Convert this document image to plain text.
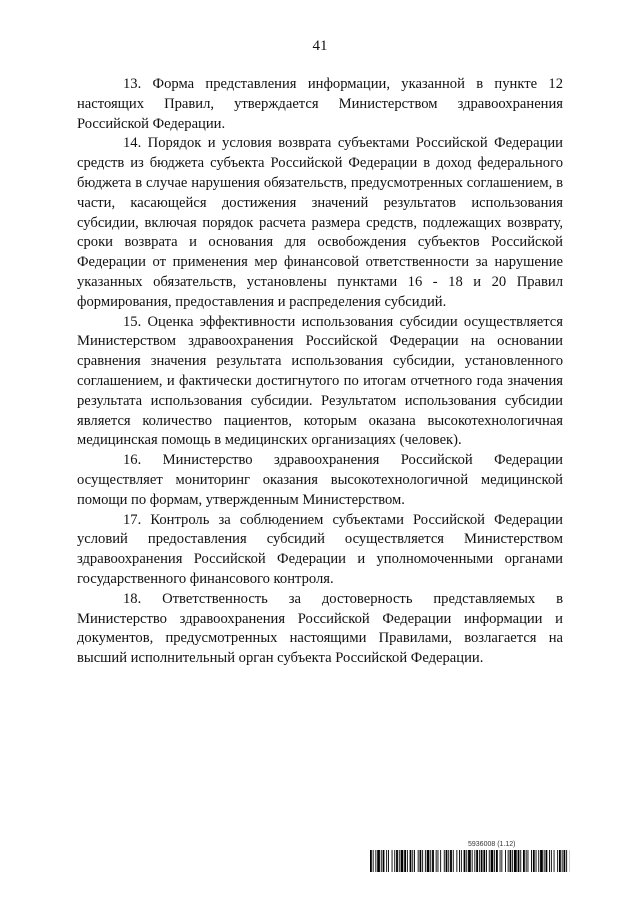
41

13. Форма представления информации, указанной в пункте 12 настоящих Правил, утверждается Министерством здравоохранения Российской Федерации.

14. Порядок и условия возврата субъектами Российской Федерации средств из бюджета субъекта Российской Федерации в доход федерального бюджета в случае нарушения обязательств, предусмотренных соглашением, в части, касающейся достижения значений результатов использования субсидии, включая порядок расчета размера средств, подлежащих возврату, сроки возврата и основания для освобождения субъектов Российской Федерации от применения мер финансовой ответственности за нарушение указанных обязательств, установлены пунктами 16 - 18 и 20 Правил формирования, предоставления и распределения субсидий.

15. Оценка эффективности использования субсидии осуществляется Министерством здравоохранения Российской Федерации на основании сравнения значения результата использования субсидии, установленного соглашением, и фактически достигнутого по итогам отчетного года значения результата использования субсидии. Результатом использования субсидии является количество пациентов, которым оказана высокотехнологичная медицинская помощь в медицинских организациях (человек).

16. Министерство здравоохранения Российской Федерации осуществляет мониторинг оказания высокотехнологичной медицинской помощи по формам, утвержденным Министерством.

17. Контроль за соблюдением субъектами Российской Федерации условий предоставления субсидий осуществляется Министерством здравоохранения Российской Федерации и уполномоченными органами государственного финансового контроля.

18. Ответственность за достоверность представляемых в Министерство здравоохранения Российской Федерации информации и документов, предусмотренных настоящими Правилами, возлагается на высший исполнительный орган субъекта Российской Федерации.

5936008 (1.12)
